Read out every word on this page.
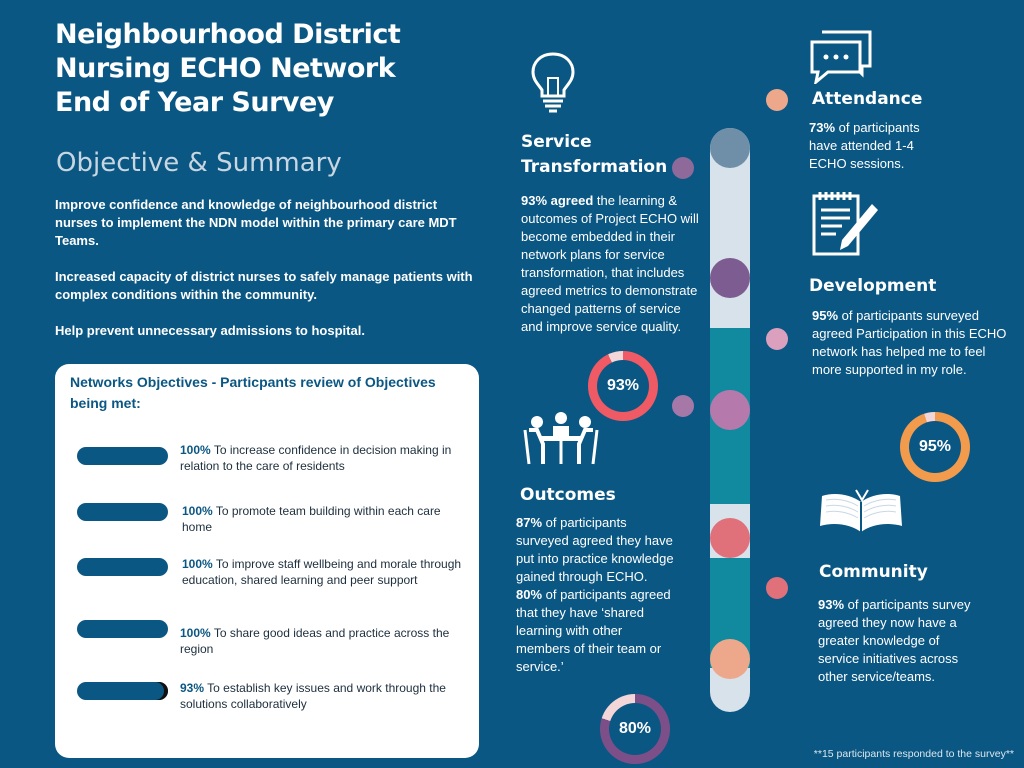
Neighbourhood District
Nursing ECHO Network
End of Year Survey
Objective & Summary

Improve confidence and knowledge of neighbourhood district nurses to implement the NDN model within the primary care MDT Teams.

Increased capacity of district nurses to safely manage patients with complex conditions within the community.

Help prevent unnecessary admissions to hospital.

Networks Objectives - Particpants review of Objectives being met:
100% To increase confidence in decision making in relation to the care of residents
100% To promote team building within each care home
100% To improve staff wellbeing and morale through education, shared learning and peer support
100% To share good ideas and practice across the region
93% To establish key issues and work through the solutions collaboratively
Service
Transformation
93% agreed the learning & outcomes of Project ECHO will become embedded in their network plans for service transformation, that includes agreed metrics to demonstrate changed patterns of service and improve service quality.
93%
Outcomes
87% of participants surveyed agreed they have put into practice knowledge gained through ECHO.
80% of participants agreed that they have ‘shared learning with other members of their team or service.’
80%
Attendance
73% of participants have attended 1-4 ECHO sessions.
Development
95% of participants surveyed agreed Participation in this ECHO network has helped me to feel more supported in my role.
95%
Community
93% of participants survey agreed they now have a greater knowledge of service initiatives across other service/teams.
**15 participants responded to the survey**
